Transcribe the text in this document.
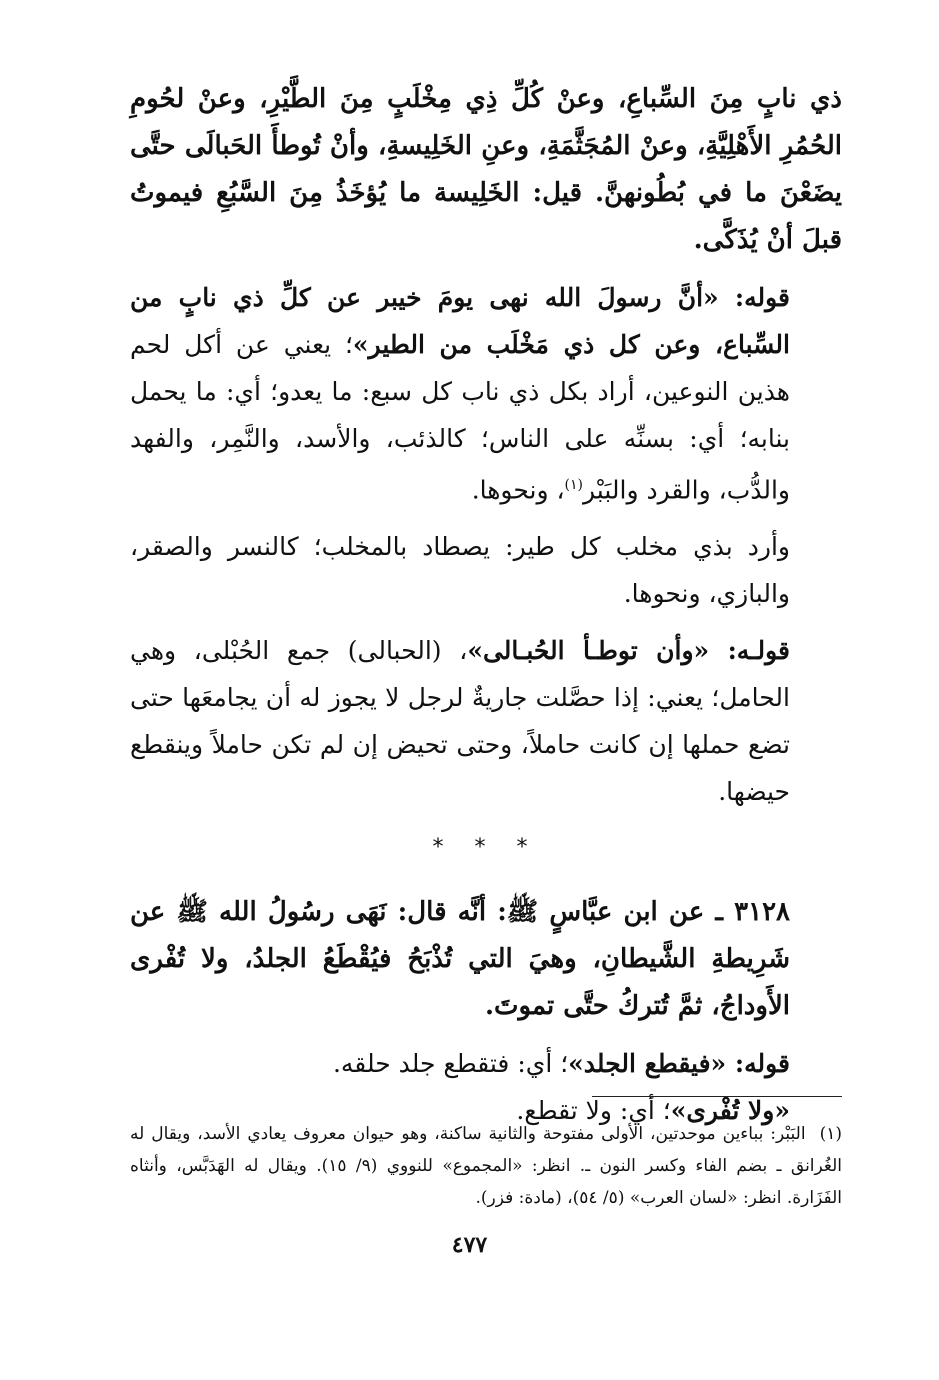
ذي نابٍ مِنَ السِّباعِ، وعنْ كُلِّ ذِي مِخْلَبٍ مِنَ الطَّيْرِ، وعنْ لحُومِ الحُمُرِ الأَهْلِيَّةِ، وعنْ المُجَثَّمَةِ، وعنِ الخَلِيسةِ، وأنْ تُوطأَ الحَبالَى حتَّى يضَعْنَ ما في بُطُونهنَّ. قيل: الخَلِيسة ما يُؤخَذُ مِنَ السَّبُعِ فيموتُ قبلَ أنْ يُذَكَّى.

قوله: «أنَّ رسولَ الله نهى يومَ خيبر عن كلِّ ذي نابٍ من السِّباع، وعن كل ذي مَخْلَب من الطير»؛ يعني عن أكل لحم هذين النوعين، أراد بكل ذي ناب كل سبع: ما يعدو؛ أي: ما يحمل بنابه؛ أي: بسنِّه على الناس؛ كالذئب، والأسد، والنَّمِر، والفهد والدُّب، والقرد والبَبْر$^{(١)}$، ونحوها.

وأرد بذي مخلب كل طير: يصطاد بالمخلب؛ كالنسر والصقر، والبازي، ونحوها.

قولـه: «وأن توطـأ الحُبـالى»، (الحبالى) جمع الحُبْلى، وهي الحامل؛ يعني: إذا حصَّلت جاريةٌ لرجل لا يجوز له أن يجامعَها حتى تضع حملها إن كانت حاملاً، وحتى تحيض إن لم تكن حاملاً وينقطع حيضها.

* * *

٣١٢٨ ـ عن ابن عبَّاسٍ ﷺ: أنَّه قال: نَهَى رسُولُ الله ﷺ عن شَرِيطةِ الشَّيطانِ، وهيَ التي تُذْبَحُ فيُقْطَعُ الجلدُ، ولا تُفْرى الأَوداجُ، ثمَّ تُتركُ حتَّى تموتَ.

قوله: «فيقطع الجلد»؛ أي: فتقطع جلد حلقه.

«ولا تُفْرى»؛ أي: ولا تقطع.

(١)البَبْر: بباءين موحدتين، الأولى مفتوحة والثانية ساكنة، وهو حيوان معروف يعادي الأسد، ويقال له الغُرانق ـ بضم الفاء وكسر النون ـ. انظر: «المجموع» للنووي (٩/ ١٥). ويقال له الهَدَبَّس، وأنثاه الفَزَارة. انظر: «لسان العرب» (٥/ ٥٤)، (مادة: فزر).
٤٧٧
